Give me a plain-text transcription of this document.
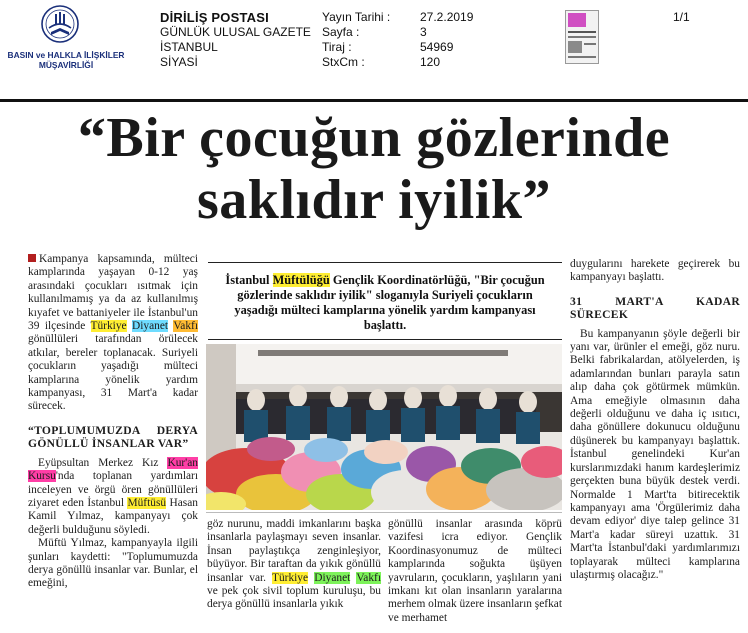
BASIN ve HALKLA İLİŞKİLER
MÜŞAVİRLİĞİ
DİRİLİŞ POSTASI
GÜNLÜK ULUSAL GAZETE
İSTANBUL
SİYASİ
Yayın Tarihi :
Sayfa :
Tiraj :
StxCm :
27.2.2019
3
54969
120
1/1
“Bir çocuğun gözlerinde
saklıdır iyilik”

Kampanya kapsamında, mülteci kamplarında yaşayan 0-12 yaş arasındaki çocukları ısıtmak için kullanılmamış ya da az kullanılmış kıyafet ve battaniyeler ile İstanbul'un 39 ilçesinde Türkiye Diyanet Vakfı gönüllüleri tarafından örülecek atkılar, bereler toplanacak. Suriyeli çocukların yaşadığı mülteci kamplarına yönelik yardım kampanyası, 31 Mart'a kadar sürecek.

“TOPLUMUMUZDA DERYA GÖNÜLLÜ İNSANLAR VAR”

Eyüpsultan Merkez Kız Kur'an Kursu'nda toplanan yardımları inceleyen ve örgü ören gönüllüleri ziyaret eden İstanbul Müftüsü Hasan Kamil Yılmaz, kampanyayı çok değerli bulduğunu söyledi.

Müftü Yılmaz, kampanyayla ilgili şunları kaydetti: "Toplumumuzda derya gönüllü insanlar var. Bunlar, el emeğini,

İstanbul Müftülüğü Gençlik Koordinatörlüğü, "Bir çocuğun gözlerinde saklıdır iyilik" sloganıyla Suriyeli çocukların yaşadığı mülteci kamplarına yönelik yardım kampanyası başlattı.

göz nurunu, maddi imkanlarını başka insanlarla paylaşmayı seven insanlar. İnsan paylaştıkça zenginleşiyor, büyüyor. Bir taraftan da yıkık gönüllü insanlar var. Türkiye Diyanet Vakfı ve pek çok sivil toplum kuruluşu, bu derya gönüllü insanlarla yıkık

gönüllü insanlar arasında köprü vazifesi icra ediyor. Gençlik Koordinasyonumuz de mülteci kamplarında soğukta üşüyen yavruların, çocukların, yaşlıların yani imkanı kıt olan insanların yaralarına merhem olmak üzere insanların şefkat ve merhamet

duygularını harekete geçirerek bu kampanyayı başlattı.

31 MART'A KADAR SÜRECEK

Bu kampanyanın şöyle değerli bir yanı var, ürünler el emeği, göz nuru. Belki fabrikalardan, atölyelerden, iş adamlarından bunları parayla satın alıp daha çok götürmek mümkün. Ama emeğiyle olmasının daha değerli olduğunu ve daha iç ısıtıcı, daha gönüllere dokunucu olduğunu düşünerek bu kampanyayı başlattık. İstanbul genelindeki Kur'an kurslarımızdaki hanım kardeşlerimiz gerçekten buna büyük destek verdi. Normalde 1 Mart'ta bitirecektik kampanyayı ama 'Örgülerimiz daha devam ediyor' diye talep gelince 31 Mart'a kadar süreyi uzattık. 31 Mart'ta İstanbul'daki yardımlarımızı toplayarak mülteci kamplarına ulaştırmış olacağız."
